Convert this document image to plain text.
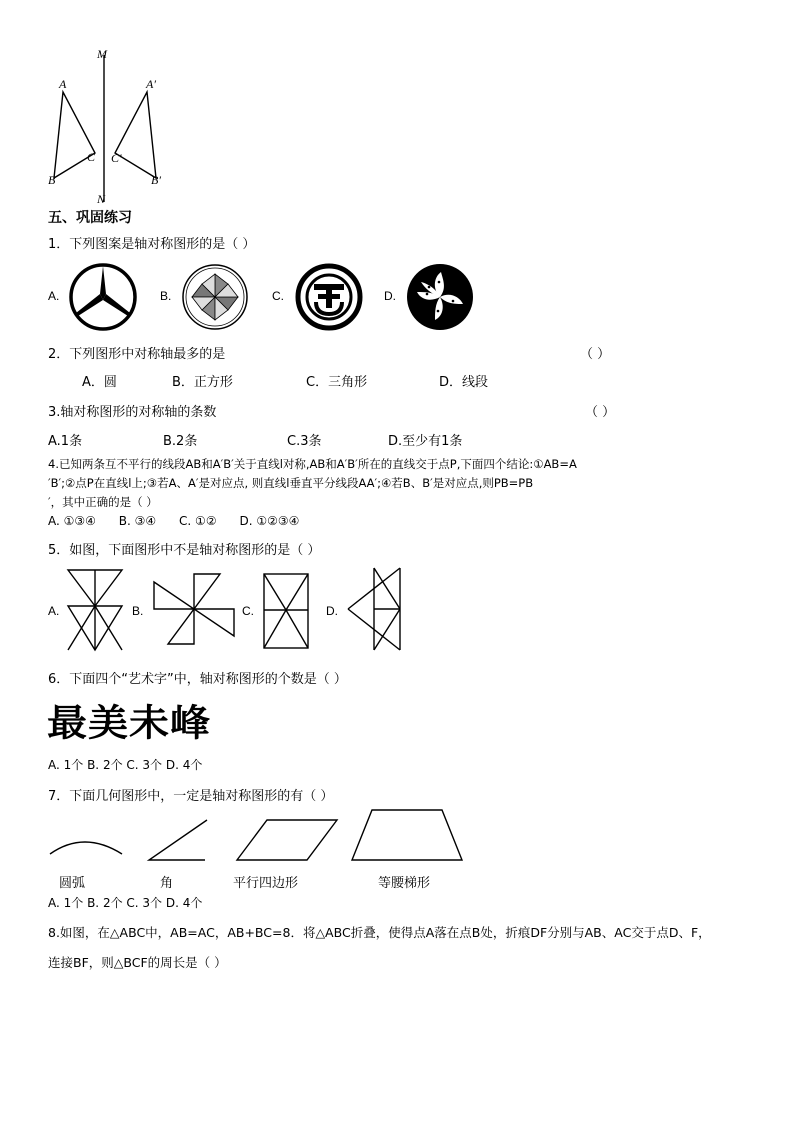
M
N
A
B
C
A′
B′
C′
五、巩固练习
1．下列图案是轴对称图形的是（ ）
A.	B.	C.	D.
2．下列图形中对称轴最多的是	（ ）
A．圆	B．正方形	C．三角形	D．线段
3.轴对称图形的对称轴的条数	（ ）
A.1条	B.2条	C.3条	D.至少有1条
4.已知两条互不平行的线段AB和A′B′关于直线l对称,AB和A′B′所在的直线交于点P,下面四个结论:①AB=A
′B′;②点P在直线l上;③若A、A′是对应点, 则直线l垂直平分线段AA′;④若B、B′是对应点,则PB=PB
′，其中正确的是（ ）
A. ①③④      B. ③④      C. ①②      D. ①②③④
5．如图，下面图形中不是轴对称图形的是（ ）
A.	B.	C.	D.
6．下面四个“艺术字”中，轴对称图形的个数是（ ）
最美未峰
A. 1个 B. 2个 C. 3个 D. 4个
7．下面几何图形中，一定是轴对称图形的有（ ）
圆弧	角	平行四边形	等腰梯形
A. 1个 B. 2个 C. 3个 D. 4个
8.如图，在△ABC中，AB=AC，AB+BC=8．将△ABC折叠，使得点A落在点B处，折痕DF分别与AB、AC交于点D、F，
连接BF，则△BCF的周长是（ ）
